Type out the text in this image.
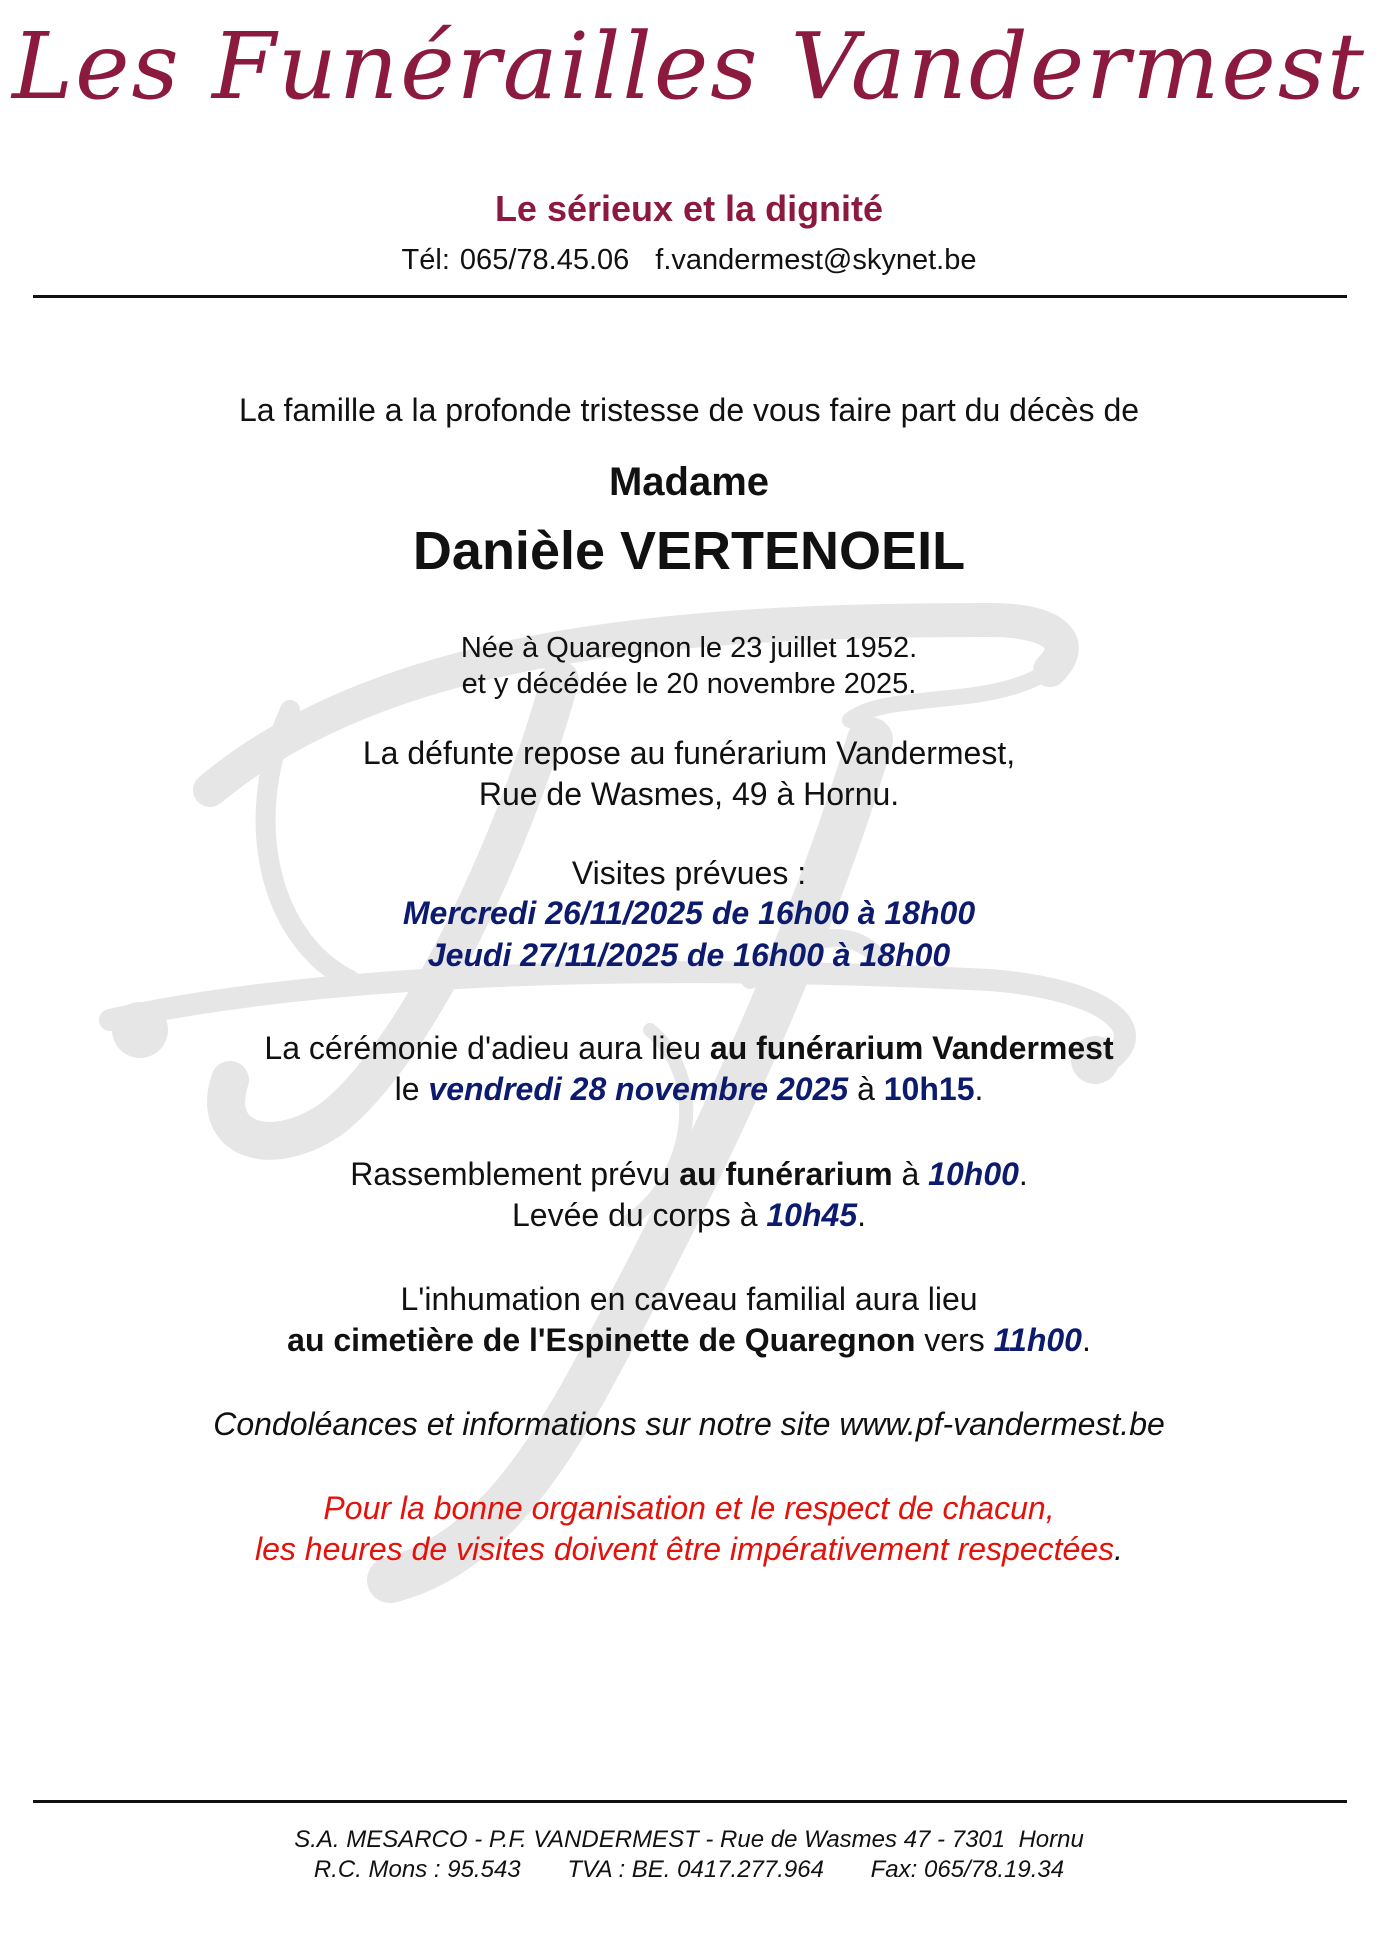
Les Funérailles Vandermest
Le sérieux et la dignité
Tél: 065/78.45.06 f.vandermest@skynet.be
La famille a la profonde tristesse de vous faire part du décès de
Madame
Danièle VERTENOEIL
Née à Quaregnon le 23 juillet 1952.
et y décédée le 20 novembre 2025.
La défunte repose au funérarium Vandermest,
Rue de Wasmes, 49 à Hornu.
Visites prévues :
Mercredi 26/11/2025 de 16h00 à 18h00
Jeudi 27/11/2025 de 16h00 à 18h00
La cérémonie d'adieu aura lieu au funérarium Vandermest
le vendredi 28 novembre 2025 à 10h15.
Rassemblement prévu au funérarium à 10h00.
Levée du corps à 10h45.
L'inhumation en caveau familial aura lieu
au cimetière de l'Espinette de Quaregnon vers 11h00.
Condoléances et informations sur notre site www.pf-vandermest.be
Pour la bonne organisation et le respect de chacun,
les heures de visites doivent être impérativement respectées.
S.A. MESARCO - P.F. VANDERMEST - Rue de Wasmes 47 - 7301  Hornu
R.C. Mons : 95.543       TVA : BE. 0417.277.964       Fax: 065/78.19.34
